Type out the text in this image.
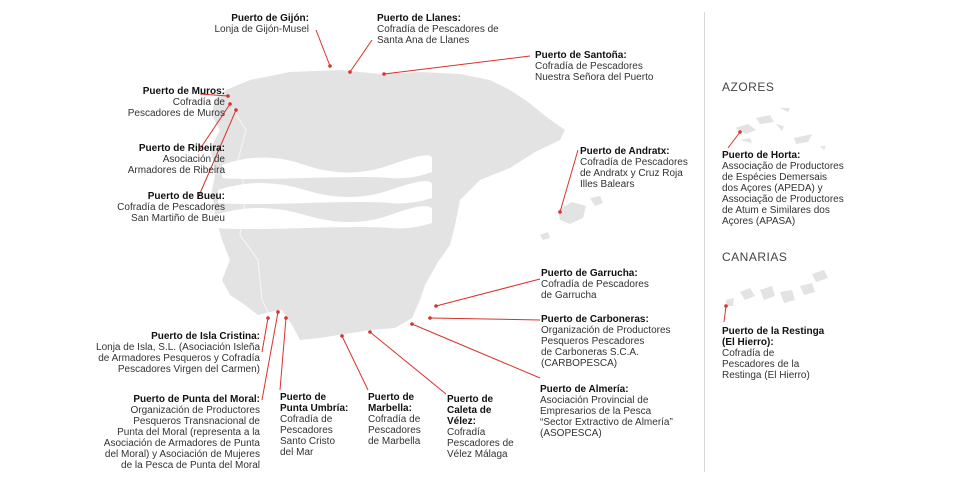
AZORES
CANARIAS
Puerto de Gijón:
Lonja de Gijón-Musel
Puerto de Llanes:
Cofradía de Pescadores de
Santa Ana de Llanes
Puerto de Santoña:
Cofradía de Pescadores
Nuestra Señora del Puerto
Puerto de Muros:
Cofradía de
Pescadores de Muros
Puerto de Ribeira:
Asociación de
Armadores de Ribeira
Puerto de Bueu:
Cofradía de Pescadores
San Martiño de Bueu
Puerto de Andratx:
Cofradía de Pescadores
de Andratx y Cruz Roja
Illes Balears
Puerto de Garrucha:
Cofradía de Pescadores
de Garrucha
Puerto de Carboneras:
Organización de Productores
Pesqueros Pescadores
de Carboneras S.C.A.
(CARBOPESCA)
Puerto de Almería:
Asociación Provincial de
Empresarios de la Pesca
“Sector Extractivo de Almería”
(ASOPESCA)
Puerto de Isla Cristina:
Lonja de Isla, S.L. (Asociación Isleña
de Armadores Pesqueros y Cofradía
Pescadores Virgen del Carmen)
Puerto de Punta del Moral:
Organización de Productores
Pesqueros Transnacional de
Punta del Moral (representa a la
Asociación de Armadores de Punta
del Moral) y Asociación de Mujeres
de la Pesca de Punta del Moral
Puerto de
Punta Umbría:
Cofradía de
Pescadores
Santo Cristo
del Mar
Puerto de
Marbella:
Cofradía de
Pescadores
de Marbella
Puerto de
Caleta de
Vélez:
Cofradía
Pescadores de
Vélez Málaga
Puerto de Horta:
Associação de Productores
de Espécies Demersais
dos Açores (APEDA) y
Associação de Productores
de Atum e Similares dos
Açores (APASA)
Puerto de la Restinga
(El Hierro):
Cofradía de
Pescadores de la
Restinga (El Hierro)
